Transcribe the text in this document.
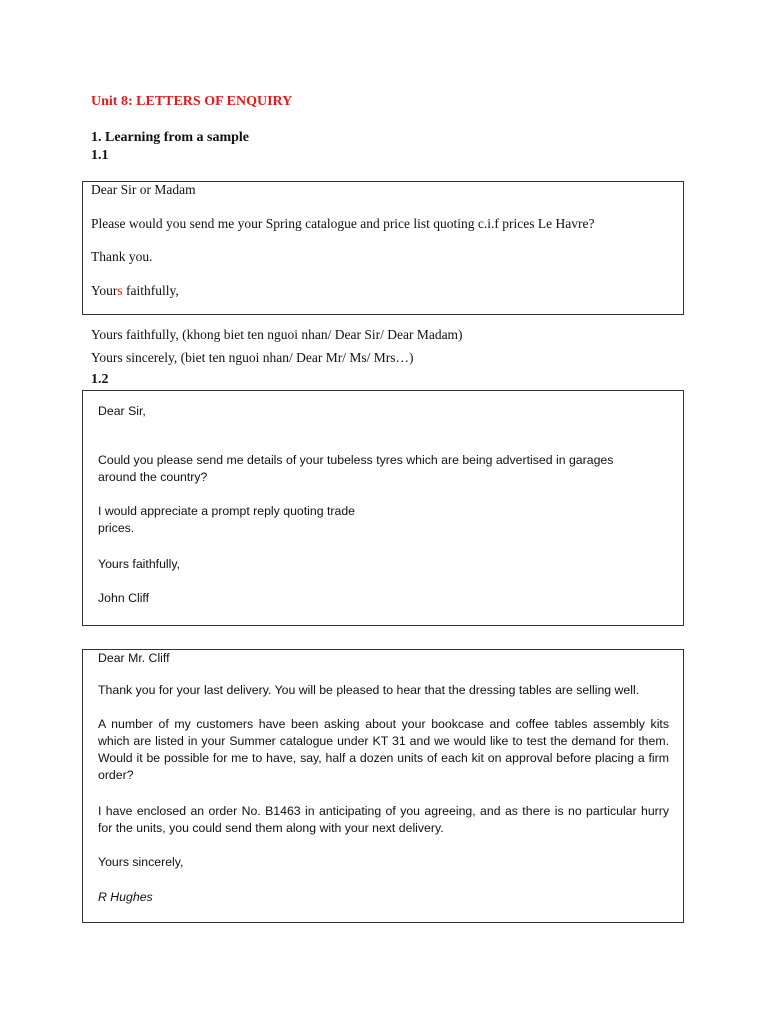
Unit 8: LETTERS OF ENQUIRY
1. Learning from a sample
1.1

Dear Sir or Madam

Please would you send me your Spring catalogue and price list quoting c.i.f prices Le Havre?

Thank you.

Yours faithfully,

Yours faithfully, (khong biet ten nguoi nhan/ Dear Sir/ Dear Madam)
Yours sincerely, (biet ten nguoi nhan/ Dear Mr/ Ms/ Mrs…)
1.2

Dear Sir,

Could you please send me details of your tubeless tyres which are being advertised in garages

around the country?

I would appreciate a prompt reply quoting trade

prices.

Yours faithfully,

John Cliff

Dear Mr. Cliff

Thank you for your last delivery. You will be pleased to hear that the dressing tables are selling well.

A number of my customers have been asking about your bookcase and coffee tables assembly kits which are listed in your Summer catalogue under KT 31 and we would like to test the demand for them. Would it be possible for me to have, say, half a dozen units of each kit on approval before placing a firm order?

I have enclosed an order No. B1463 in anticipating of you agreeing, and as there is no particular hurry for the units, you could send them along with your next delivery.

Yours sincerely,

R Hughes
